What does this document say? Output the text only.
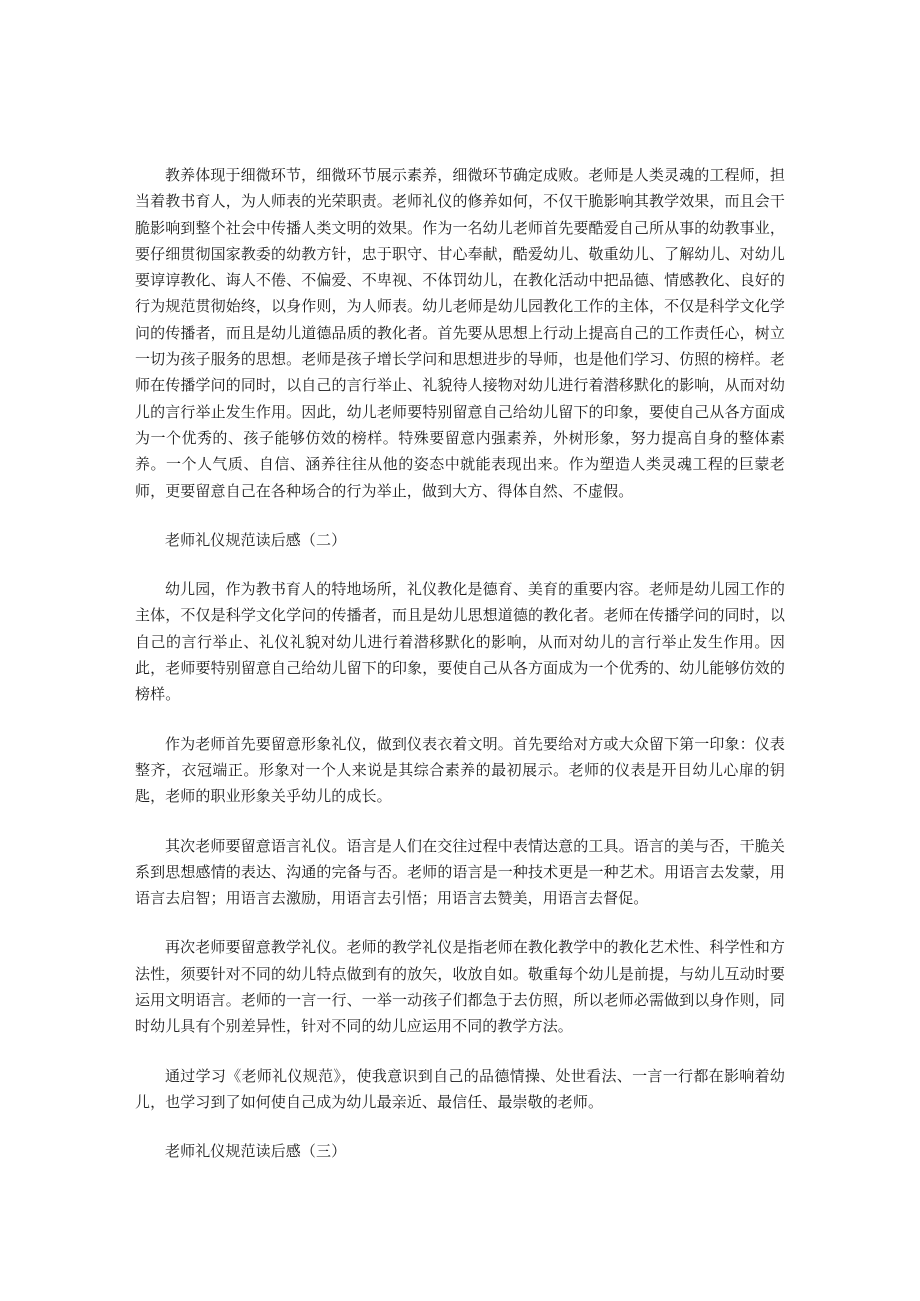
教养体现于细微环节，细微环节展示素养，细微环节确定成败。老师是人类灵魂的工程师，担当着教书育人，为人师表的光荣职责。老师礼仪的修养如何，不仅干脆影响其教学效果，而且会干脆影响到整个社会中传播人类文明的效果。作为一名幼儿老师首先要酷爱自己所从事的幼教事业，要仔细贯彻国家教委的幼教方针，忠于职守、甘心奉献，酷爱幼儿、敬重幼儿、了解幼儿、对幼儿要谆谆教化、诲人不倦、不偏爱、不卑视、不体罚幼儿，在教化活动中把品德、情感教化、良好的行为规范贯彻始终，以身作则，为人师表。幼儿老师是幼儿园教化工作的主体，不仅是科学文化学问的传播者，而且是幼儿道德品质的教化者。首先要从思想上行动上提高自己的工作责任心，树立一切为孩子服务的思想。老师是孩子增长学问和思想进步的导师，也是他们学习、仿照的榜样。老师在传播学问的同时，以自己的言行举止、礼貌待人接物对幼儿进行着潜移默化的影响，从而对幼儿的言行举止发生作用。因此，幼儿老师要特别留意自己给幼儿留下的印象，要使自己从各方面成为一个优秀的、孩子能够仿效的榜样。特殊要留意内强素养，外树形象，努力提高自身的整体素养。一个人气质、自信、涵养往往从他的姿态中就能表现出来。作为塑造人类灵魂工程的巨蒙老师，更要留意自己在各种场合的行为举止，做到大方、得体自然、不虚假。

老师礼仪规范读后感（二）

幼儿园，作为教书育人的特地场所，礼仪教化是德育、美育的重要内容。老师是幼儿园工作的主体，不仅是科学文化学问的传播者，而且是幼儿思想道德的教化者。老师在传播学问的同时，以自己的言行举止、礼仪礼貌对幼儿进行着潜移默化的影响，从而对幼儿的言行举止发生作用。因此，老师要特别留意自己给幼儿留下的印象，要使自己从各方面成为一个优秀的、幼儿能够仿效的榜样。

作为老师首先要留意形象礼仪，做到仪表衣着文明。首先要给对方或大众留下第一印象：仪表整齐，衣冠端正。形象对一个人来说是其综合素养的最初展示。老师的仪表是开目幼儿心扉的钥匙，老师的职业形象关乎幼儿的成长。

其次老师要留意语言礼仪。语言是人们在交往过程中表情达意的工具。语言的美与否，干脆关系到思想感情的表达、沟通的完备与否。老师的语言是一种技术更是一种艺术。用语言去发蒙，用语言去启智；用语言去激励，用语言去引悟；用语言去赞美，用语言去督促。

再次老师要留意教学礼仪。老师的教学礼仪是指老师在教化教学中的教化艺术性、科学性和方法性，须要针对不同的幼儿特点做到有的放矢，收放自如。敬重每个幼儿是前提，与幼儿互动时要运用文明语言。老师的一言一行、一举一动孩子们都急于去仿照，所以老师必需做到以身作则，同时幼儿具有个别差异性，针对不同的幼儿应运用不同的教学方法。

通过学习《老师礼仪规范》，使我意识到自己的品德情操、处世看法、一言一行都在影响着幼儿，也学习到了如何使自己成为幼儿最亲近、最信任、最崇敬的老师。

老师礼仪规范读后感（三）
